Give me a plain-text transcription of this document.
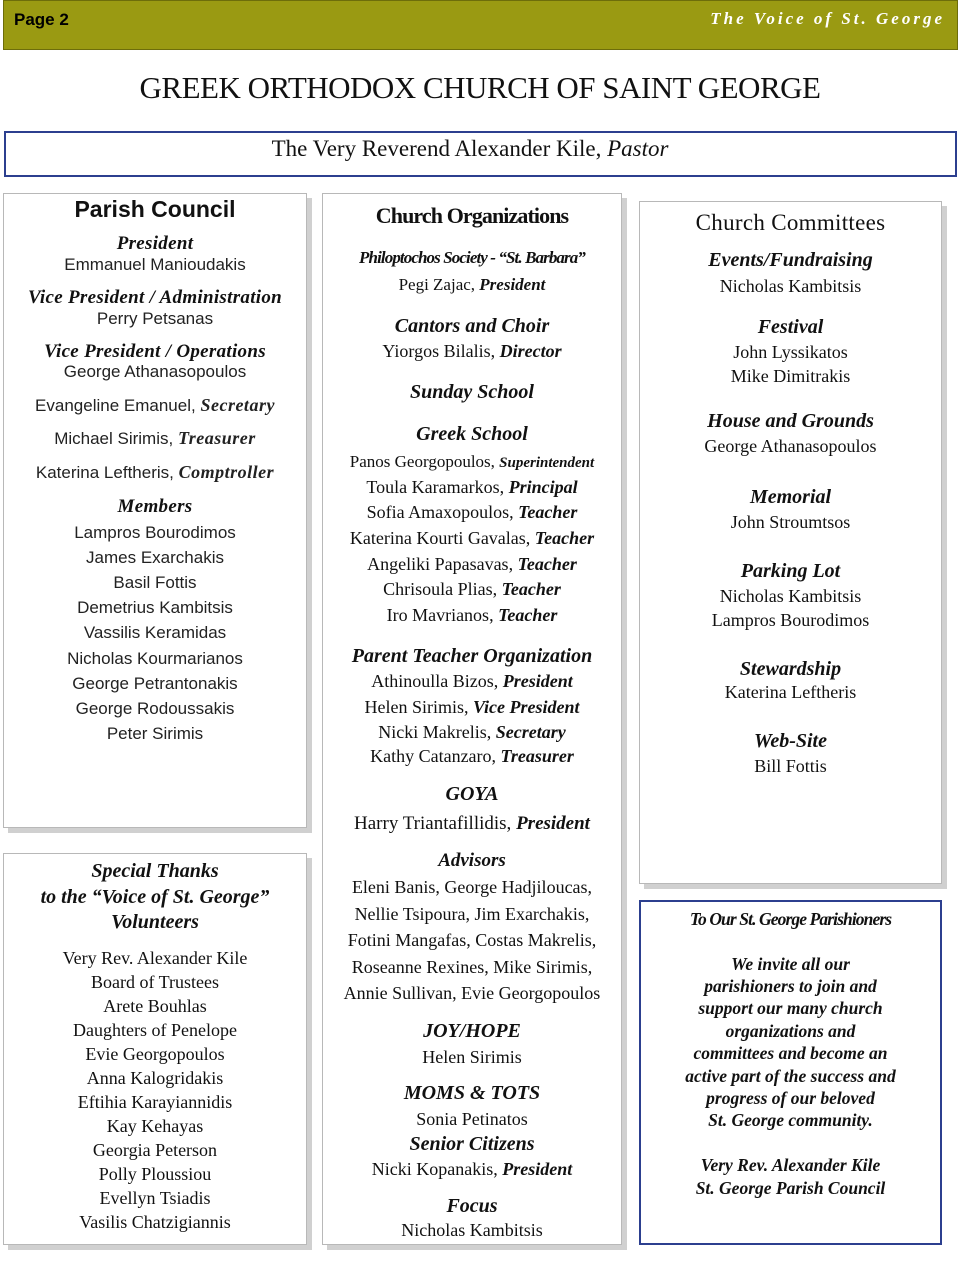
Page 2	The Voice of St. George
GREEK ORTHODOX CHURCH OF SAINT GEORGE
The Very Reverend Alexander Kile, Pastor
Parish Council
President
Emmanuel Manioudakis
Vice President / Administration
Perry Petsanas
Vice President / Operations
George Athanasopoulos
Evangeline Emanuel, Secretary
Michael Sirimis, Treasurer
Katerina Leftheris, Comptroller
Members
Lampros Bourodimos
James Exarchakis
Basil Fottis
Demetrius Kambitsis
Vassilis Keramidas
Nicholas Kourmarianos
George Petrantonakis
George Rodoussakis
Peter Sirimis
Special Thanks
to the “Voice of St. George”
Volunteers
Very Rev. Alexander Kile
Board of Trustees
Arete Bouhlas
Daughters of Penelope
Evie Georgopoulos
Anna Kalogridakis
Eftihia Karayiannidis
Kay Kehayas
Georgia Peterson
Polly Ploussiou
Evellyn Tsiadis
Vasilis Chatzigiannis
Church Organizations
Philoptochos Society - “St. Barbara”
Pegi Zajac, President
Cantors and Choir
Yiorgos Bilalis, Director
Sunday School
Greek School
Panos Georgopoulos, Superintendent
Toula Karamarkos, Principal
Sofia Amaxopoulos, Teacher
Katerina Kourti Gavalas, Teacher
Angeliki Papasavas, Teacher
Chrisoula Plias, Teacher
Iro Mavrianos, Teacher
Parent Teacher Organization
Athinoulla Bizos, President
Helen Sirimis, Vice President
Nicki Makrelis, Secretary
Kathy Catanzaro, Treasurer
GOYA
Harry Triantafillidis, President
Advisors
Eleni Banis, George Hadjiloucas,
Nellie Tsipoura, Jim Exarchakis,
Fotini Mangafas, Costas Makrelis,
Roseanne Rexines, Mike Sirimis,
Annie Sullivan, Evie Georgopoulos
JOY/HOPE
Helen Sirimis
MOMS & TOTS
Sonia Petinatos
Senior Citizens
Nicki Kopanakis, President
Focus
Nicholas Kambitsis
Church Committees
Events/Fundraising
Nicholas Kambitsis
Festival
John Lyssikatos
Mike Dimitrakis
House and Grounds
George Athanasopoulos
Memorial
John Stroumtsos
Parking Lot
Nicholas Kambitsis
Lampros Bourodimos
Stewardship
Katerina Leftheris
Web-Site
Bill Fottis
To Our St. George Parishioners
We invite all our
parishioners to join and
support our many church
organizations and
committees and become an
active part of the success and
progress of our beloved
St. George community.
Very Rev. Alexander Kile
St. George Parish Council
